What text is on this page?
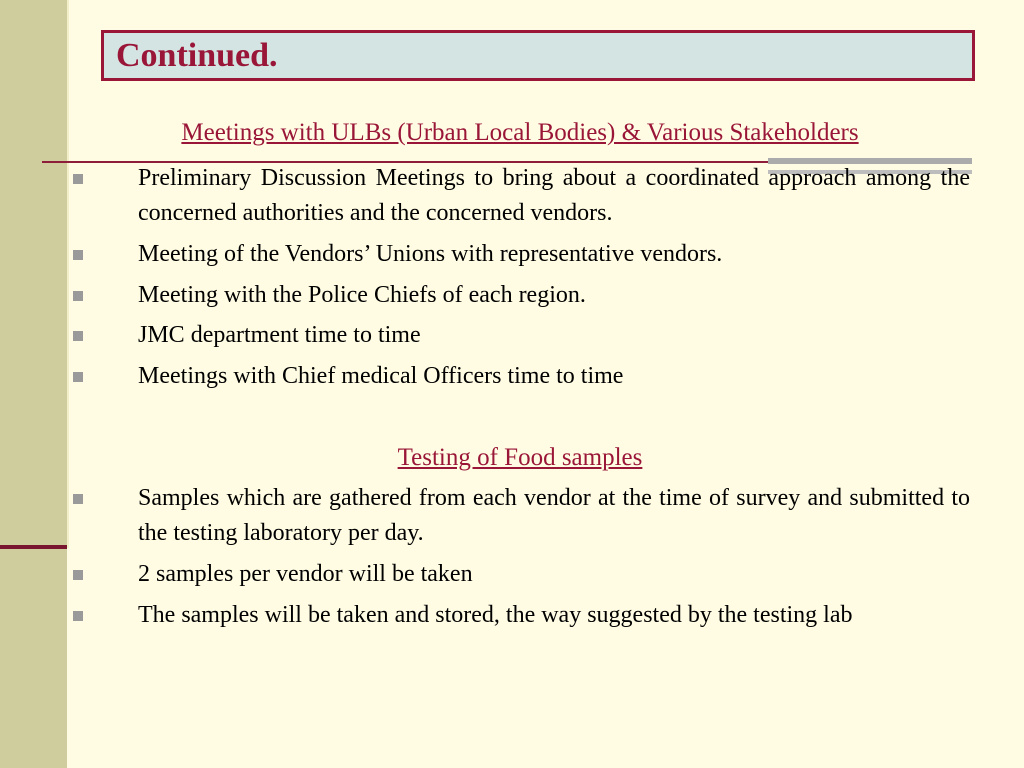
Continued.
Meetings with ULBs (Urban Local Bodies) & Various Stakeholders
Preliminary Discussion Meetings to bring about a coordinated approach among the concerned authorities and the concerned vendors.
Meeting of the Vendors’ Unions with representative vendors.
Meeting with the Police Chiefs of each region.
JMC department time to time
Meetings with Chief medical Officers time to time
Testing of Food samples
Samples which are gathered from each vendor at the time of survey and submitted to the testing laboratory per day.
2 samples per vendor will be taken
The samples will be taken and stored, the way suggested by the testing lab
